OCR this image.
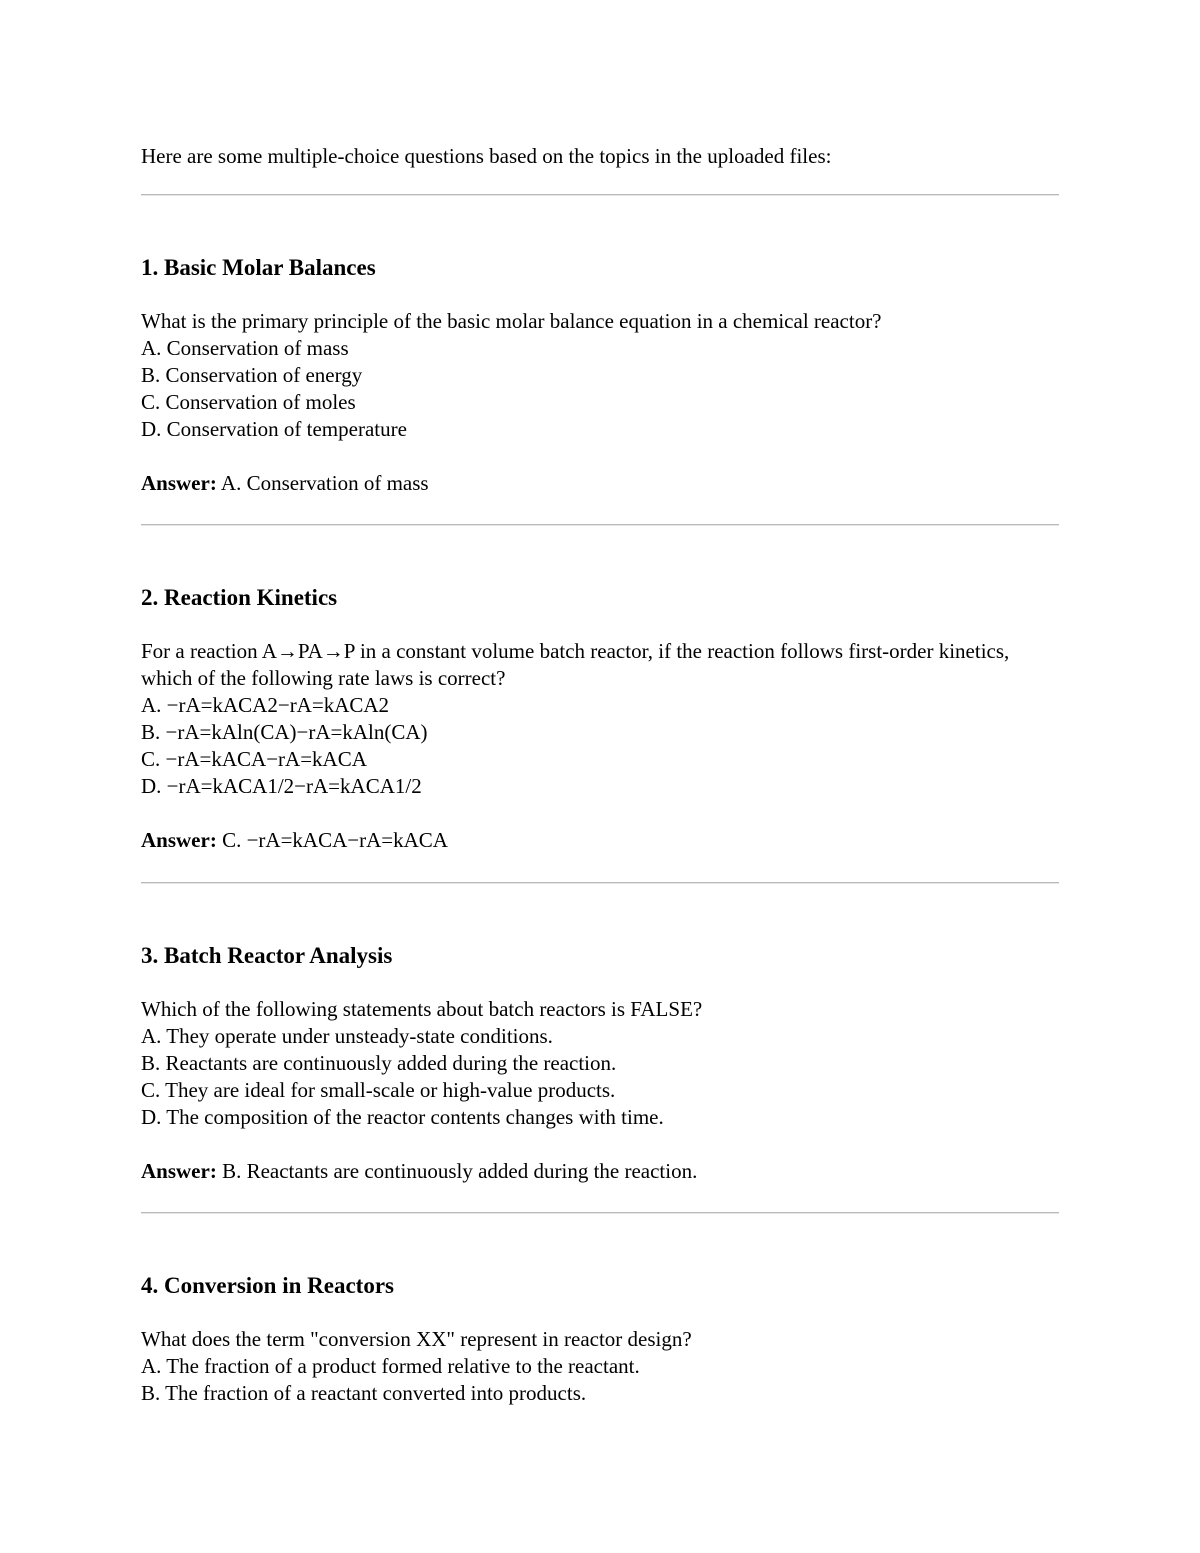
Here are some multiple-choice questions based on the topics in the uploaded files:
1. Basic Molar Balances
What is the primary principle of the basic molar balance equation in a chemical reactor?
A. Conservation of mass
B. Conservation of energy
C. Conservation of moles
D. Conservation of temperature
Answer: A. Conservation of mass
2. Reaction Kinetics
For a reaction A→PA→P in a constant volume batch reactor, if the reaction follows first-order kinetics, which of the following rate laws is correct?
A. −rA=kACA2−rA=kACA2
B. −rA=kAln(CA)−rA=kAln(CA)
C. −rA=kACA−rA=kACA
D. −rA=kACA1/2−rA=kACA1/2
Answer: C. −rA=kACA−rA=kACA
3. Batch Reactor Analysis
Which of the following statements about batch reactors is FALSE?
A. They operate under unsteady-state conditions.
B. Reactants are continuously added during the reaction.
C. They are ideal for small-scale or high-value products.
D. The composition of the reactor contents changes with time.
Answer: B. Reactants are continuously added during the reaction.
4. Conversion in Reactors
What does the term "conversion XX" represent in reactor design?
A. The fraction of a product formed relative to the reactant.
B. The fraction of a reactant converted into products.
